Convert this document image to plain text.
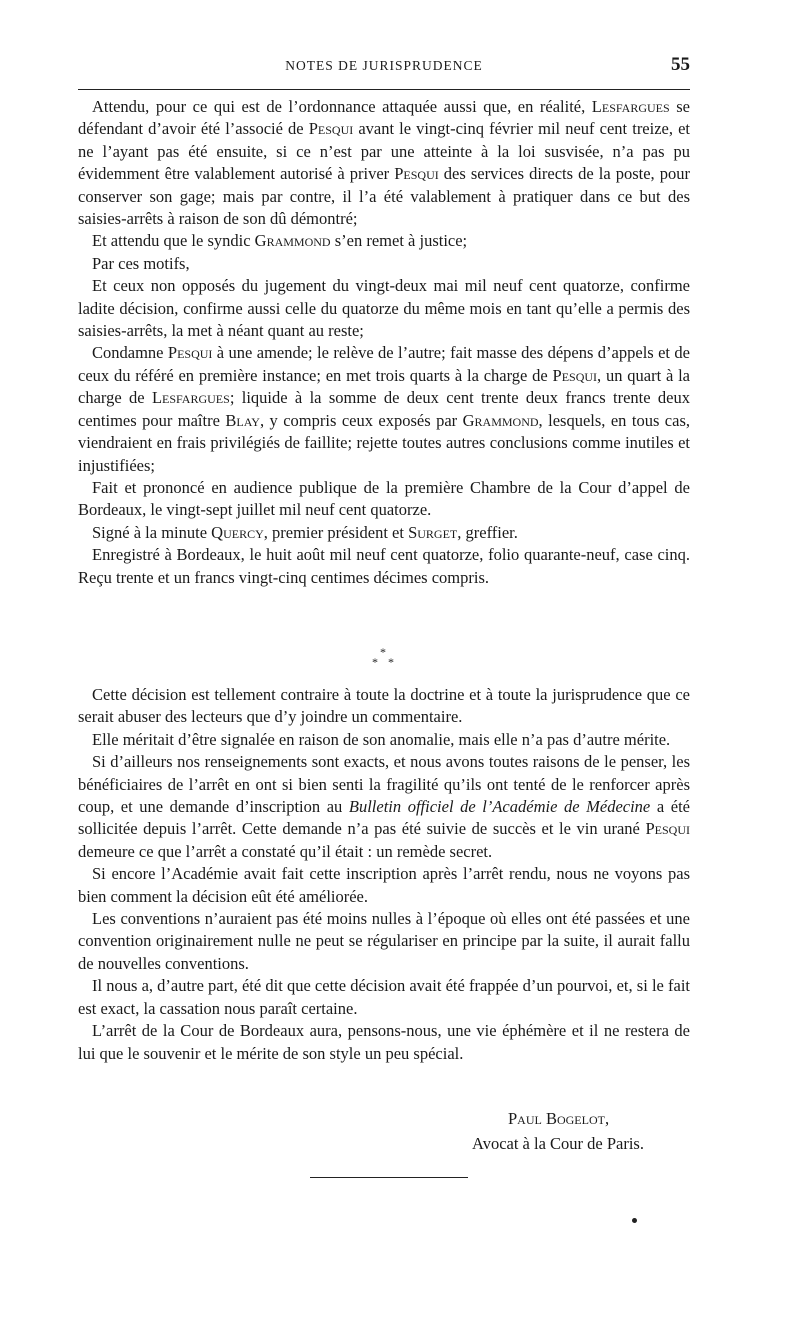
NOTES DE JURISPRUDENCE	55

Attendu, pour ce qui est de l’ordonnance attaquée aussi que, en réalité, Lesfargues se défendant d’avoir été l’associé de Pesqui avant le vingt-cinq février mil neuf cent treize, et ne l’ayant pas été ensuite, si ce n’est par une atteinte à la loi susvisée, n’a pas pu évidemment être valablement autorisé à priver Pesqui des services directs de la poste, pour conserver son gage; mais par contre, il l’a été valablement à pratiquer dans ce but des saisies-arrêts à raison de son dû démontré;

Et attendu que le syndic Grammond s’en remet à justice;

Par ces motifs,

Et ceux non opposés du jugement du vingt-deux mai mil neuf cent quatorze, confirme ladite décision, confirme aussi celle du quatorze du même mois en tant qu’elle a permis des saisies-arrêts, la met à néant quant au reste;

Condamne Pesqui à une amende; le relève de l’autre; fait masse des dépens d’appels et de ceux du référé en première instance; en met trois quarts à la charge de Pesqui, un quart à la charge de Lesfargues; liquide à la somme de deux cent trente deux francs trente deux centimes pour maître Blay, y compris ceux exposés par Grammond, lesquels, en tous cas, viendraient en frais privilégiés de faillite; rejette toutes autres conclusions comme inutiles et injustifiées;

Fait et prononcé en audience publique de la première Chambre de la Cour d’appel de Bordeaux, le vingt-sept juillet mil neuf cent quatorze.

Signé à la minute Quercy, premier président et Surget, greffier.

Enregistré à Bordeaux, le huit août mil neuf cent quatorze, folio quarante-neuf, case cinq. Reçu trente et un francs vingt-cinq centimes décimes compris.

*
* *

Cette décision est tellement contraire à toute la doctrine et à toute la jurisprudence que ce serait abuser des lecteurs que d’y joindre un commentaire.

Elle méritait d’être signalée en raison de son anomalie, mais elle n’a pas d’autre mérite.

Si d’ailleurs nos renseignements sont exacts, et nous avons toutes raisons de le penser, les bénéficiaires de l’arrêt en ont si bien senti la fragilité qu’ils ont tenté de le renforcer après coup, et une demande d’inscription au Bulletin officiel de l’Académie de Médecine a été sollicitée depuis l’arrêt. Cette demande n’a pas été suivie de succès et le vin urané Pesqui demeure ce que l’arrêt a constaté qu’il était : un remède secret.

Si encore l’Académie avait fait cette inscription après l’arrêt rendu, nous ne voyons pas bien comment la décision eût été améliorée.

Les conventions n’auraient pas été moins nulles à l’époque où elles ont été passées et une convention originairement nulle ne peut se régulariser en principe par la suite, il aurait fallu de nouvelles conventions.

Il nous a, d’autre part, été dit que cette décision avait été frappée d’un pourvoi, et, si le fait est exact, la cassation nous paraît certaine.

L’arrêt de la Cour de Bordeaux aura, pensons-nous, une vie éphémère et il ne restera de lui que le souvenir et le mérite de son style un peu spécial.

Paul Bogelot,
Avocat à la Cour de Paris.
